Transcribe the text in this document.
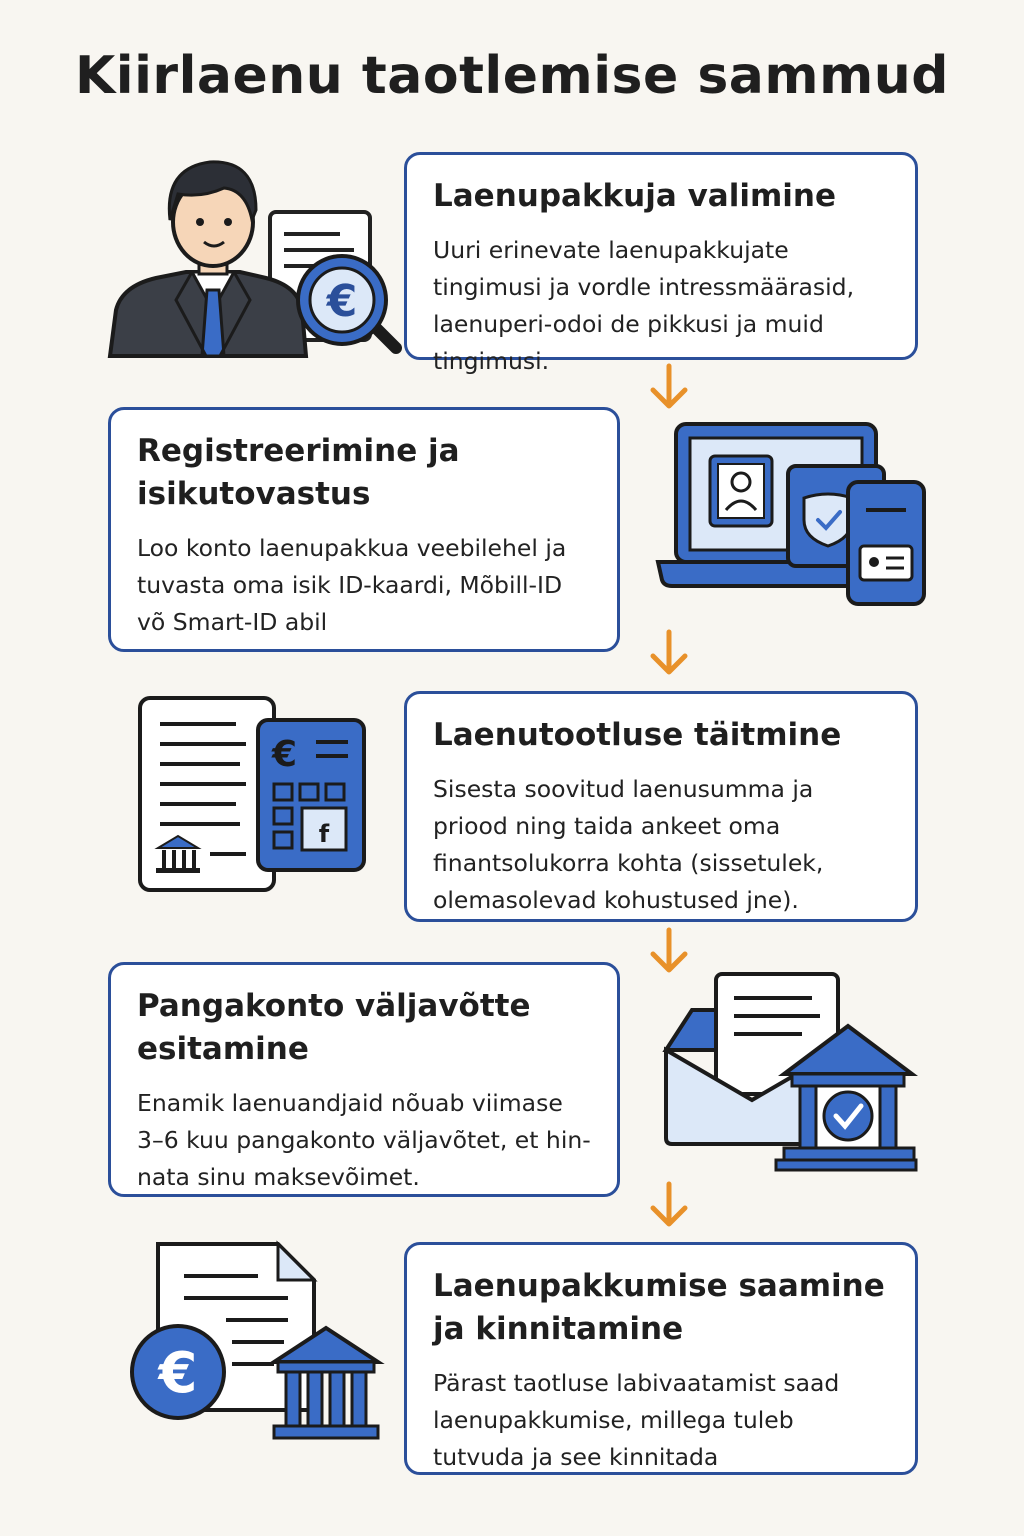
Kiirlaenu taotlemise sammud
Laenupakkuja valimine

Uuri erinevate laenupakkujate tingimusi ja vordle intressmäärasid, laenuperi-odoi de pikkusi ja muid tingimusi.

€
Registreerimine ja isikutovastus

Loo konto laenupakkua veebilehel ja tuvasta oma isik ID-kaardi, Mõbill-ID võ Smart-ID abil

Laenutootluse täitmine

Sisesta soovitud laenusumma ja priood ning taida ankeet oma finantsolukorra kohta (sissetulek, olemasolevad kohustused jne).

€
f
Pangakonto väljavõtte esitamine

Enamik laenuandjaid nõuab viimase 3–6 kuu pangakonto väljavõtet, et hin-nata sinu maksevõimet.

Laenupakkumise saamine ja kinnitamine

Pärast taotluse labivaatamist saad laenupakkumise, millega tuleb tutvuda ja see kinnitada

€
